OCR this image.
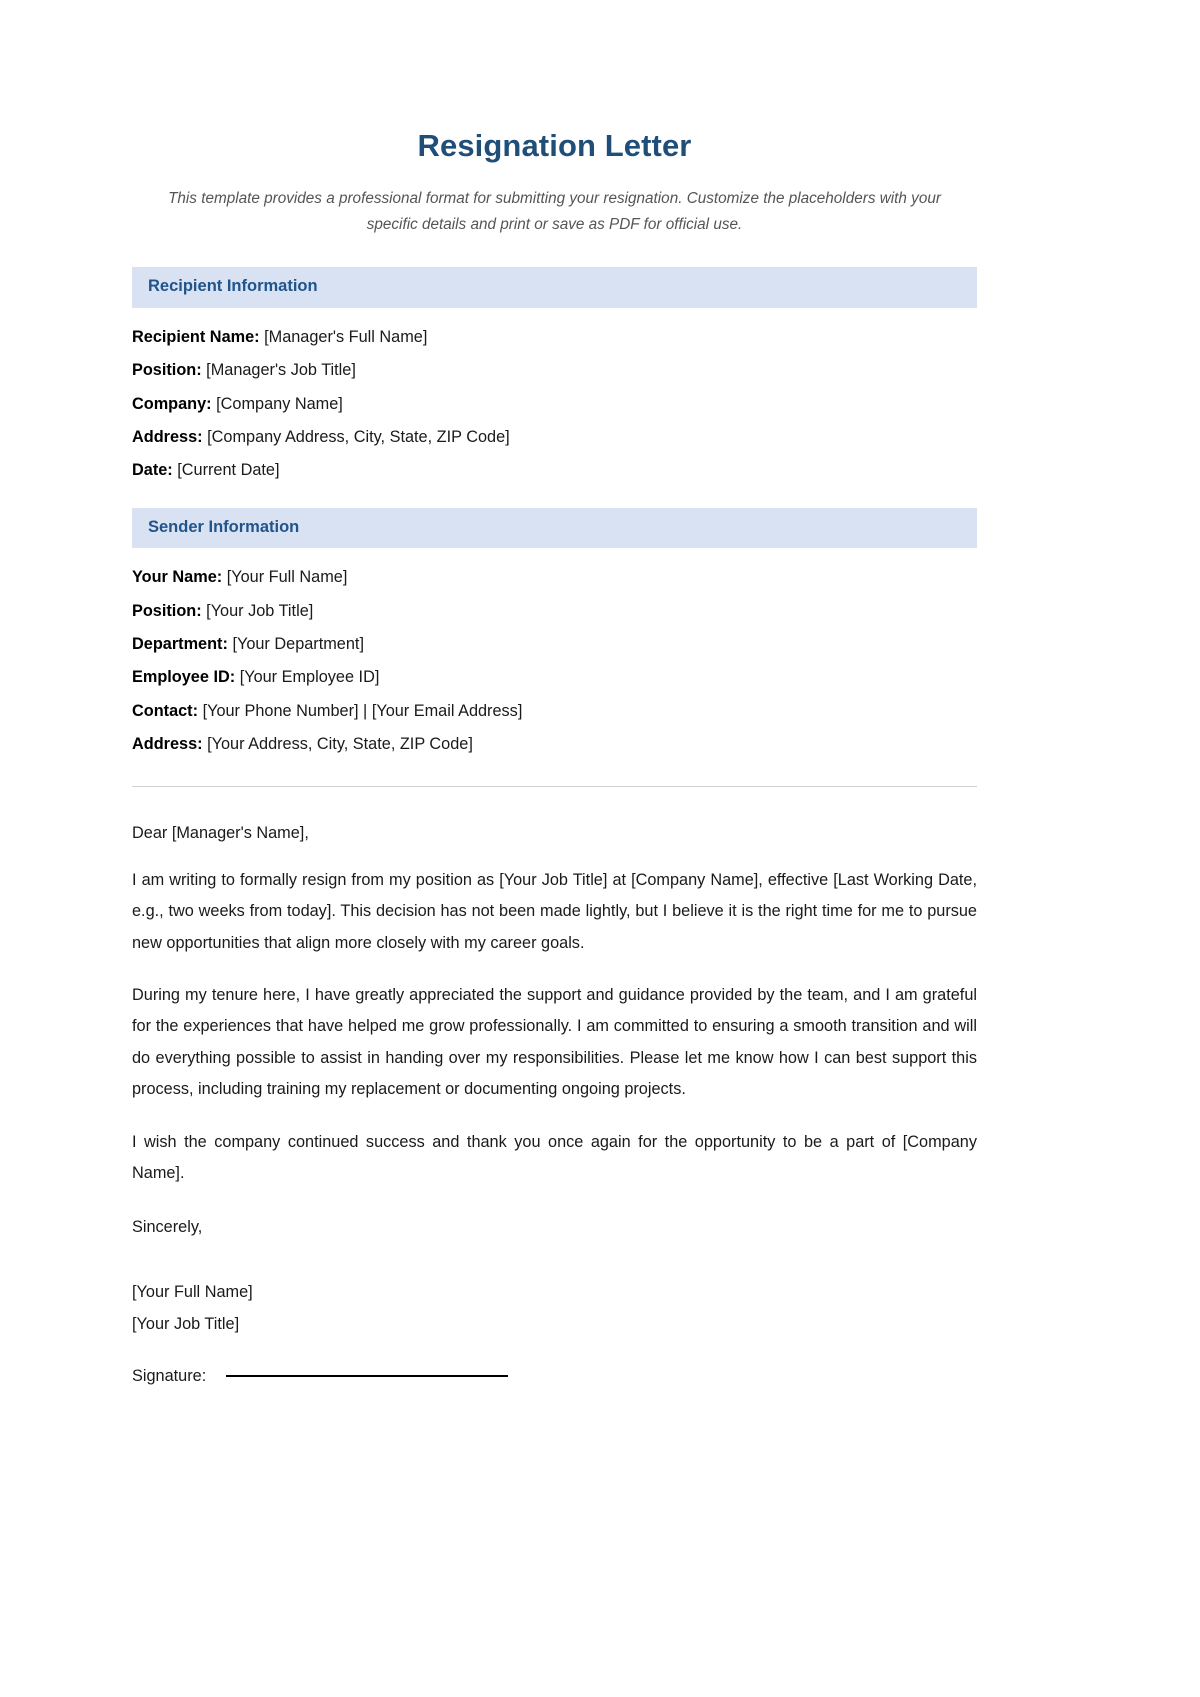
Resignation Letter

This template provides a professional format for submitting your resignation. Customize the placeholders with your specific details and print or save as PDF for official use.

Recipient Information
Recipient Name: [Manager's Full Name]
Position: [Manager's Job Title]
Company: [Company Name]
Address: [Company Address, City, State, ZIP Code]
Date: [Current Date]
Sender Information
Your Name: [Your Full Name]
Position: [Your Job Title]
Department: [Your Department]
Employee ID: [Your Employee ID]
Contact: [Your Phone Number] | [Your Email Address]
Address: [Your Address, City, State, ZIP Code]

Dear [Manager's Name],

I am writing to formally resign from my position as [Your Job Title] at [Company Name], effective [Last Working Date, e.g., two weeks from today]. This decision has not been made lightly, but I believe it is the right time for me to pursue new opportunities that align more closely with my career goals.

During my tenure here, I have greatly appreciated the support and guidance provided by the team, and I am grateful for the experiences that have helped me grow professionally. I am committed to ensuring a smooth transition and will do everything possible to assist in handing over my responsibilities. Please let me know how I can best support this process, including training my replacement or documenting ongoing projects.

I wish the company continued success and thank you once again for the opportunity to be a part of [Company Name].

Sincerely,

[Your Full Name]

[Your Job Title]

Signature:
